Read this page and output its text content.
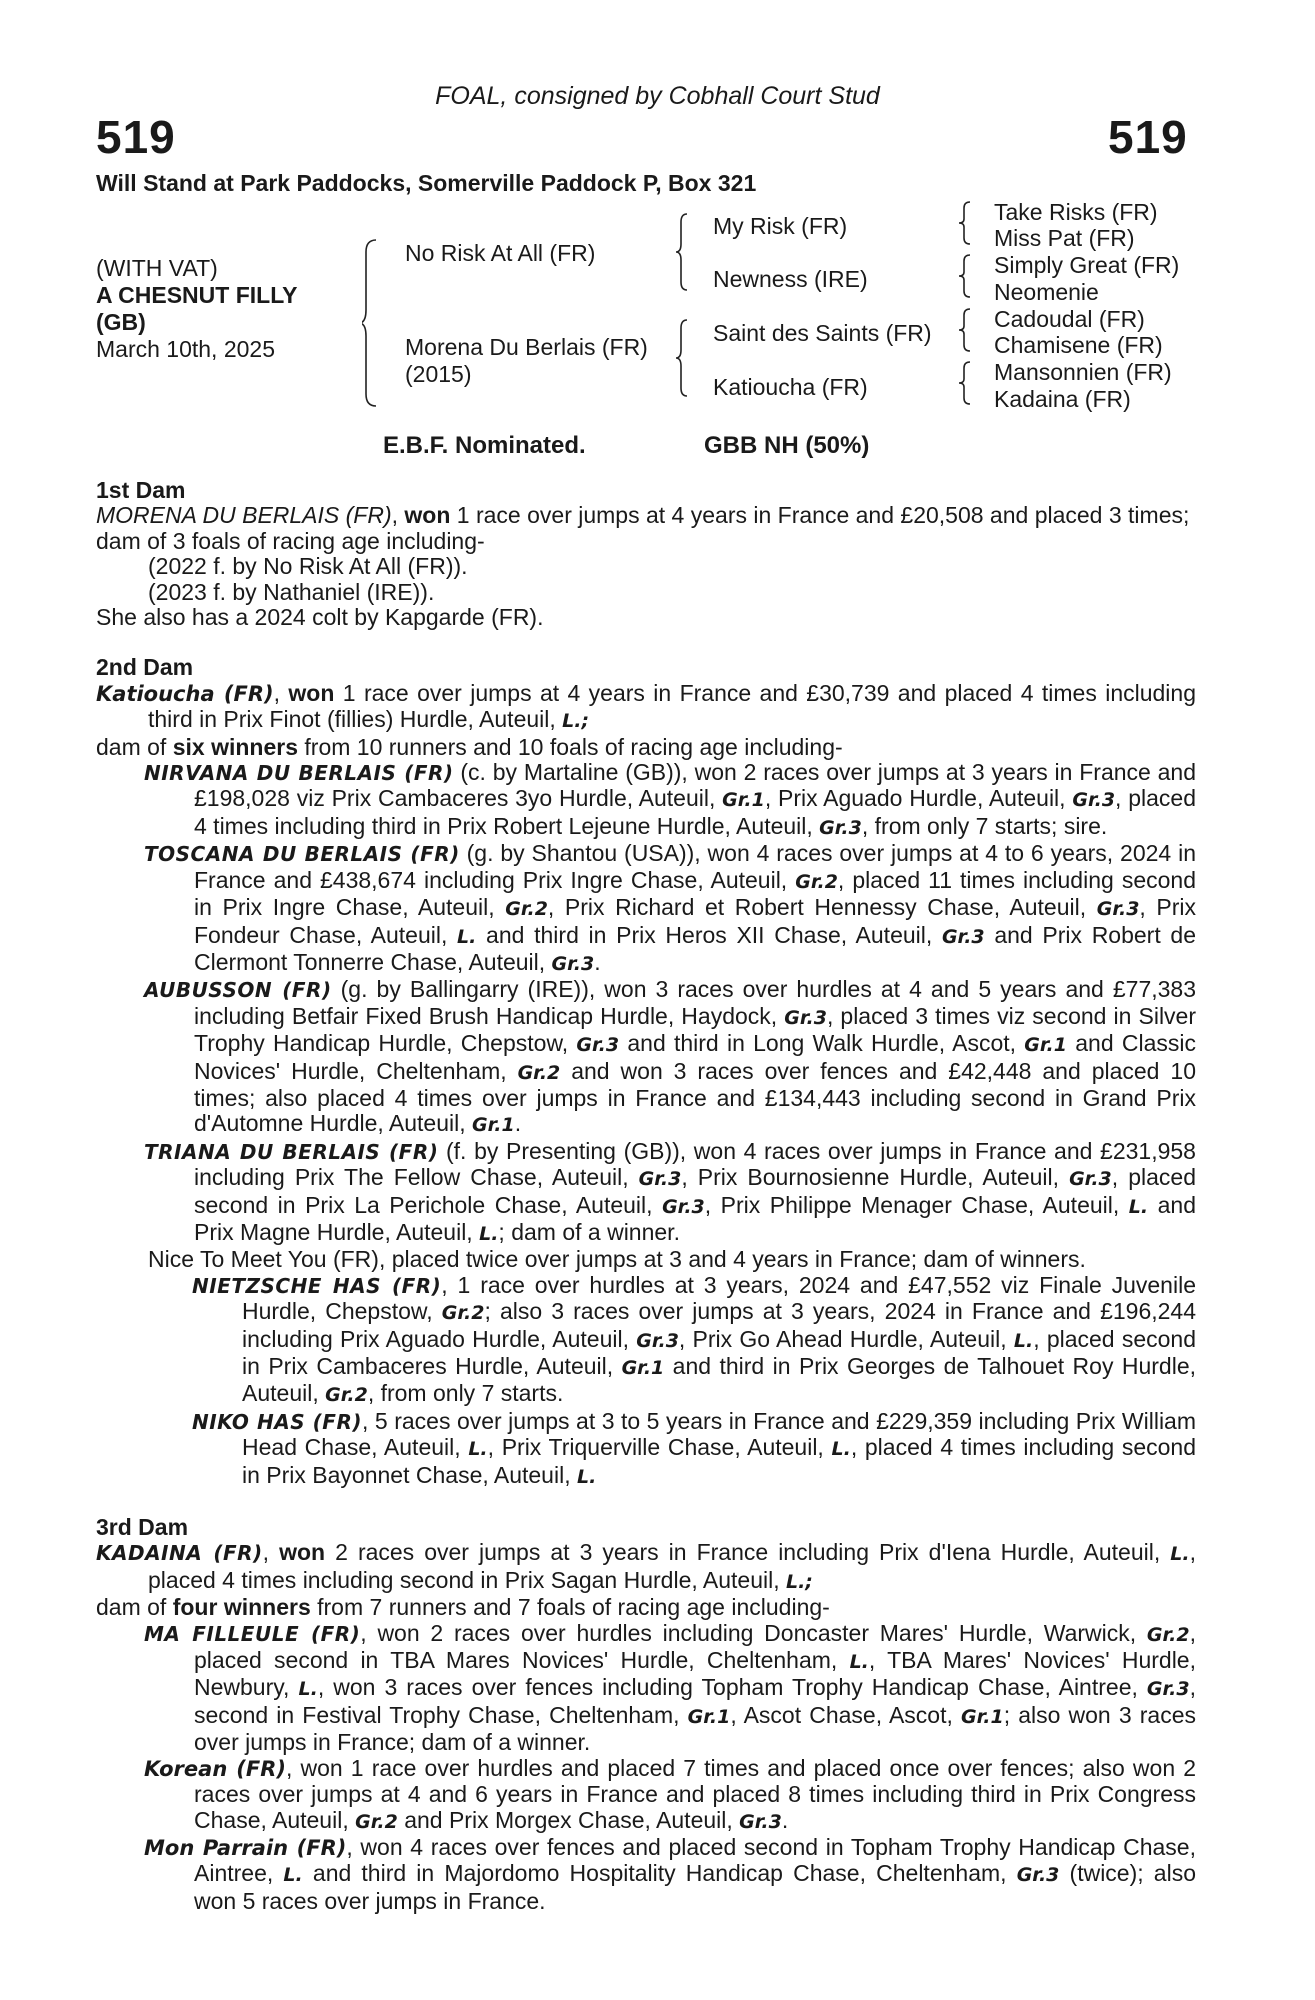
FOAL, consigned by Cobhall Court Stud
519	519
Will Stand at Park Paddocks, Somerville Paddock P, Box 321
(WITH VAT)
A CHESNUT FILLY
(GB)
March 10th, 2025
No Risk At All (FR)
Morena Du Berlais (FR)
(2015)
My Risk (FR)
Newness (IRE)
Saint des Saints (FR)
Katioucha (FR)
Take Risks (FR)
Miss Pat (FR)
Simply Great (FR)
Neomenie
Cadoudal (FR)
Chamisene (FR)
Mansonnien (FR)
Kadaina (FR)
E.B.F. Nominated.	GBB NH (50%)

1st Dam

MORENA DU BERLAIS (FR), won 1 race over jumps at 4 years in France and £20,508 and placed 3 times;

dam of 3 foals of racing age including-

(2022 f. by No Risk At All (FR)).

(2023 f. by Nathaniel (IRE)).

She also has a 2024 colt by Kapgarde (FR).

2nd Dam

Katioucha (FR), won 1 race over jumps at 4 years in France and £30,739 and placed 4 times including third in Prix Finot (fillies) Hurdle, Auteuil, L.;

dam of six winners from 10 runners and 10 foals of racing age including-

NIRVANA DU BERLAIS (FR) (c. by Martaline (GB)), won 2 races over jumps at 3 years in France and £198,028 viz Prix Cambaceres 3yo Hurdle, Auteuil, Gr.1, Prix Aguado Hurdle, Auteuil, Gr.3, placed 4 times including third in Prix Robert Lejeune Hurdle, Auteuil, Gr.3, from only 7 starts; sire.

TOSCANA DU BERLAIS (FR) (g. by Shantou (USA)), won 4 races over jumps at 4 to 6 years, 2024 in France and £438,674 including Prix Ingre Chase, Auteuil, Gr.2, placed 11 times including second in Prix Ingre Chase, Auteuil, Gr.2, Prix Richard et Robert Hennessy Chase, Auteuil, Gr.3, Prix Fondeur Chase, Auteuil, L. and third in Prix Heros XII Chase, Auteuil, Gr.3 and Prix Robert de Clermont Tonnerre Chase, Auteuil, Gr.3.

AUBUSSON (FR) (g. by Ballingarry (IRE)), won 3 races over hurdles at 4 and 5 years and £77,383 including Betfair Fixed Brush Handicap Hurdle, Haydock, Gr.3, placed 3 times viz second in Silver Trophy Handicap Hurdle, Chepstow, Gr.3 and third in Long Walk Hurdle, Ascot, Gr.1 and Classic Novices' Hurdle, Cheltenham, Gr.2 and won 3 races over fences and £42,448 and placed 10 times; also placed 4 times over jumps in France and £134,443 including second in Grand Prix d'Automne Hurdle, Auteuil, Gr.1.

TRIANA DU BERLAIS (FR) (f. by Presenting (GB)), won 4 races over jumps in France and £231,958 including Prix The Fellow Chase, Auteuil, Gr.3, Prix Bournosienne Hurdle, Auteuil, Gr.3, placed second in Prix La Perichole Chase, Auteuil, Gr.3, Prix Philippe Menager Chase, Auteuil, L. and Prix Magne Hurdle, Auteuil, L.; dam of a winner.

Nice To Meet You (FR), placed twice over jumps at 3 and 4 years in France; dam of winners.

NIETZSCHE HAS (FR), 1 race over hurdles at 3 years, 2024 and £47,552 viz Finale Juvenile Hurdle, Chepstow, Gr.2; also 3 races over jumps at 3 years, 2024 in France and £196,244 including Prix Aguado Hurdle, Auteuil, Gr.3, Prix Go Ahead Hurdle, Auteuil, L., placed second in Prix Cambaceres Hurdle, Auteuil, Gr.1 and third in Prix Georges de Talhouet Roy Hurdle, Auteuil, Gr.2, from only 7 starts.

NIKO HAS (FR), 5 races over jumps at 3 to 5 years in France and £229,359 including Prix William Head Chase, Auteuil, L., Prix Triquerville Chase, Auteuil, L., placed 4 times including second in Prix Bayonnet Chase, Auteuil, L.

3rd Dam

KADAINA (FR), won 2 races over jumps at 3 years in France including Prix d'Iena Hurdle, Auteuil, L., placed 4 times including second in Prix Sagan Hurdle, Auteuil, L.;

dam of four winners from 7 runners and 7 foals of racing age including-

MA FILLEULE (FR), won 2 races over hurdles including Doncaster Mares' Hurdle, Warwick, Gr.2, placed second in TBA Mares Novices' Hurdle, Cheltenham, L., TBA Mares' Novices' Hurdle, Newbury, L., won 3 races over fences including Topham Trophy Handicap Chase, Aintree, Gr.3, second in Festival Trophy Chase, Cheltenham, Gr.1, Ascot Chase, Ascot, Gr.1; also won 3 races over jumps in France; dam of a winner.

Korean (FR), won 1 race over hurdles and placed 7 times and placed once over fences; also won 2 races over jumps at 4 and 6 years in France and placed 8 times including third in Prix Congress Chase, Auteuil, Gr.2 and Prix Morgex Chase, Auteuil, Gr.3.

Mon Parrain (FR), won 4 races over fences and placed second in Topham Trophy Handicap Chase, Aintree, L. and third in Majordomo Hospitality Handicap Chase, Cheltenham, Gr.3 (twice); also won 5 races over jumps in France.
